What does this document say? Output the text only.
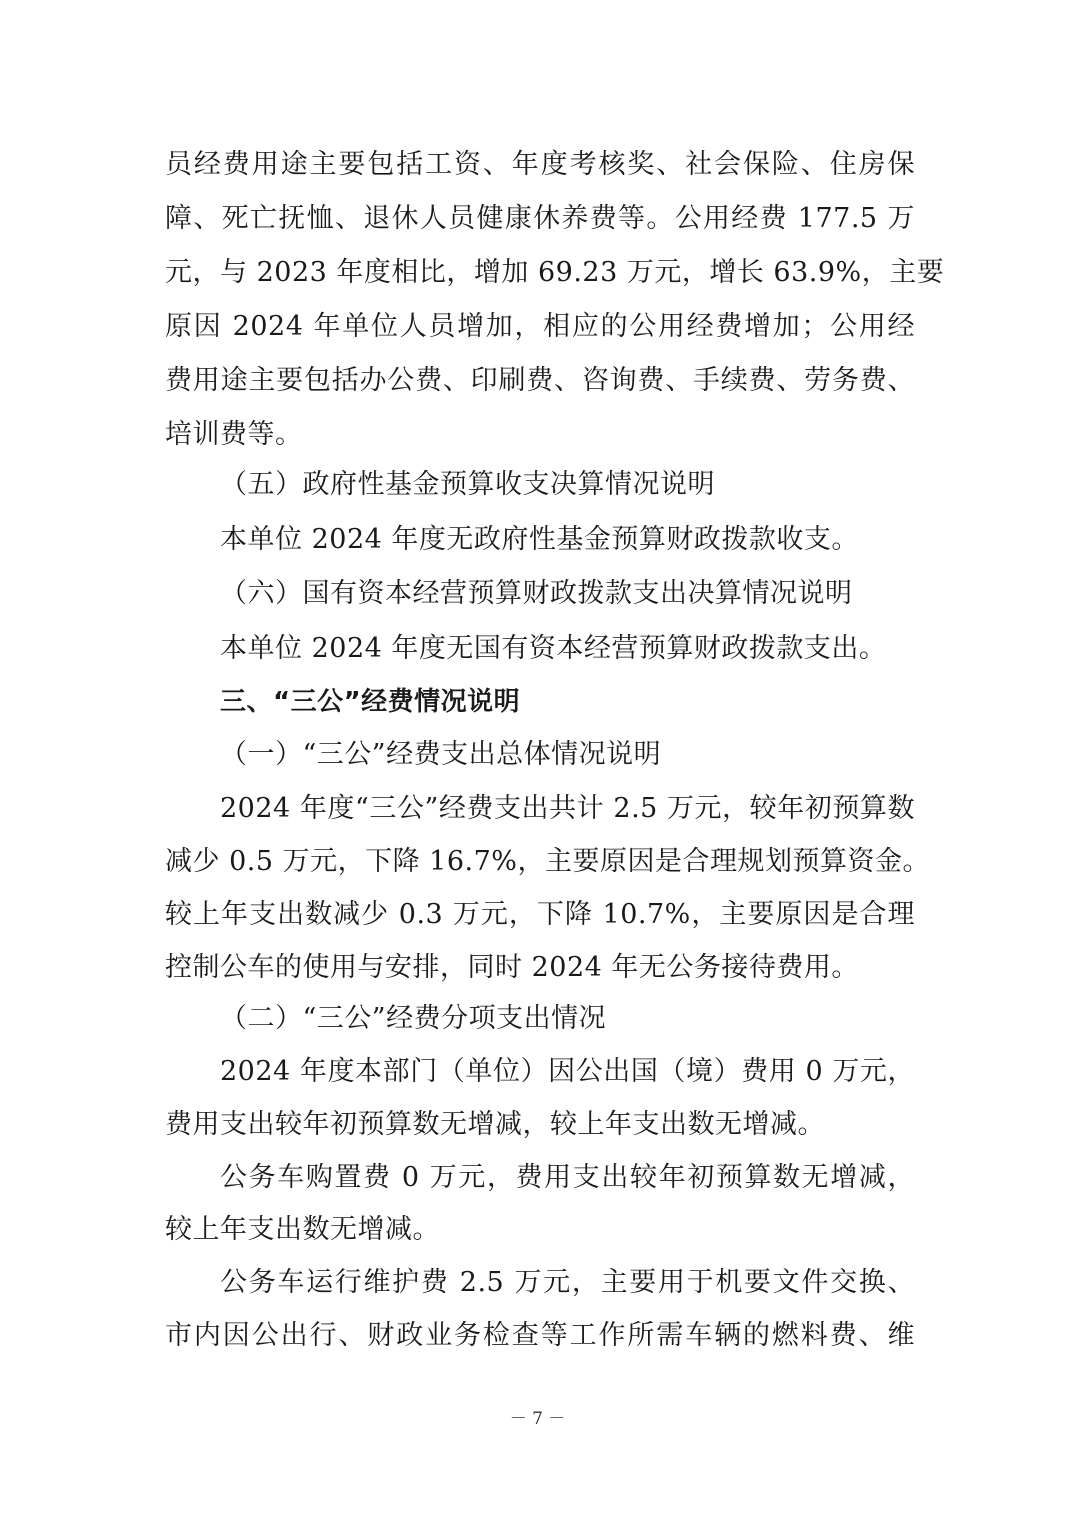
员经费用途主要包括工资、年度考核奖、社会保险、住房保
障、死亡抚恤、退休人员健康休养费等。公用经费 177.5 万
元，与 2023 年度相比，增加 69.23 万元，增长 63.9%，主要
原因 2024 年单位人员增加，相应的公用经费增加；公用经
费用途主要包括办公费、印刷费、咨询费、手续费、劳务费、
培训费等。
（五）政府性基金预算收支决算情况说明
本单位 2024 年度无政府性基金预算财政拨款收支。
（六）国有资本经营预算财政拨款支出决算情况说明
本单位 2024 年度无国有资本经营预算财政拨款支出。
三、“三公”经费情况说明
（一）“三公”经费支出总体情况说明
2024 年度“三公”经费支出共计 2.5 万元，较年初预算数
减少 0.5 万元，下降 16.7%，主要原因是合理规划预算资金。
较上年支出数减少 0.3 万元，下降 10.7%，主要原因是合理
控制公车的使用与安排，同时 2024 年无公务接待费用。
（二）“三公”经费分项支出情况
2024 年度本部门（单位）因公出国（境）费用 0 万元，
费用支出较年初预算数无增减，较上年支出数无增减。
公务车购置费 0 万元，费用支出较年初预算数无增减，
较上年支出数无增减。
公务车运行维护费 2.5 万元，主要用于机要文件交换、
市内因公出行、财政业务检查等工作所需车辆的燃料费、维
－ 7 －
